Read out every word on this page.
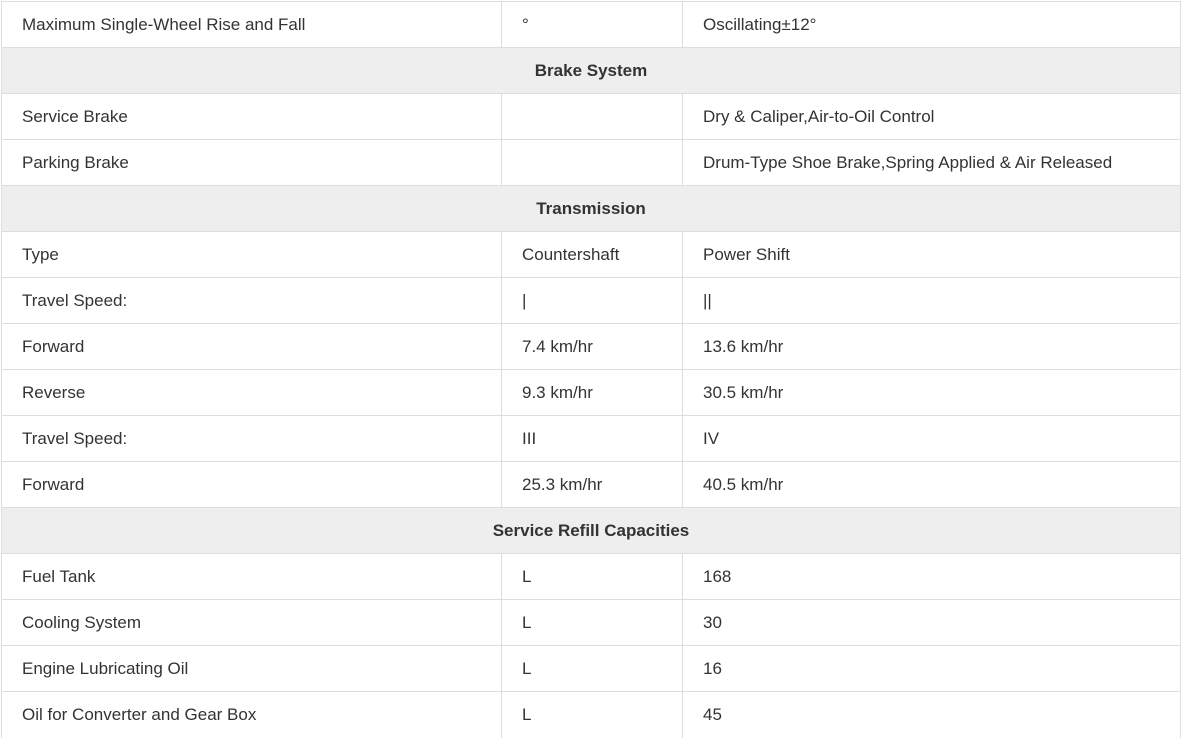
Maximum Single-Wheel Rise and Fall	°	Oscillating±12°
Brake System		
Service Brake		Dry & Caliper,Air-to-Oil Control
Parking Brake		Drum-Type Shoe Brake,Spring Applied & Air Released
Transmission		
Type	Countershaft	Power Shift
Travel Speed:	|	||
Forward	7.4 km/hr	13.6 km/hr
Reverse	9.3 km/hr	30.5 km/hr
Travel Speed:	III	IV
Forward	25.3 km/hr	40.5 km/hr
Service Refill Capacities		
Fuel Tank	L	168
Cooling System	L	30
Engine Lubricating Oil	L	16
Oil for Converter and Gear Box	L	45
